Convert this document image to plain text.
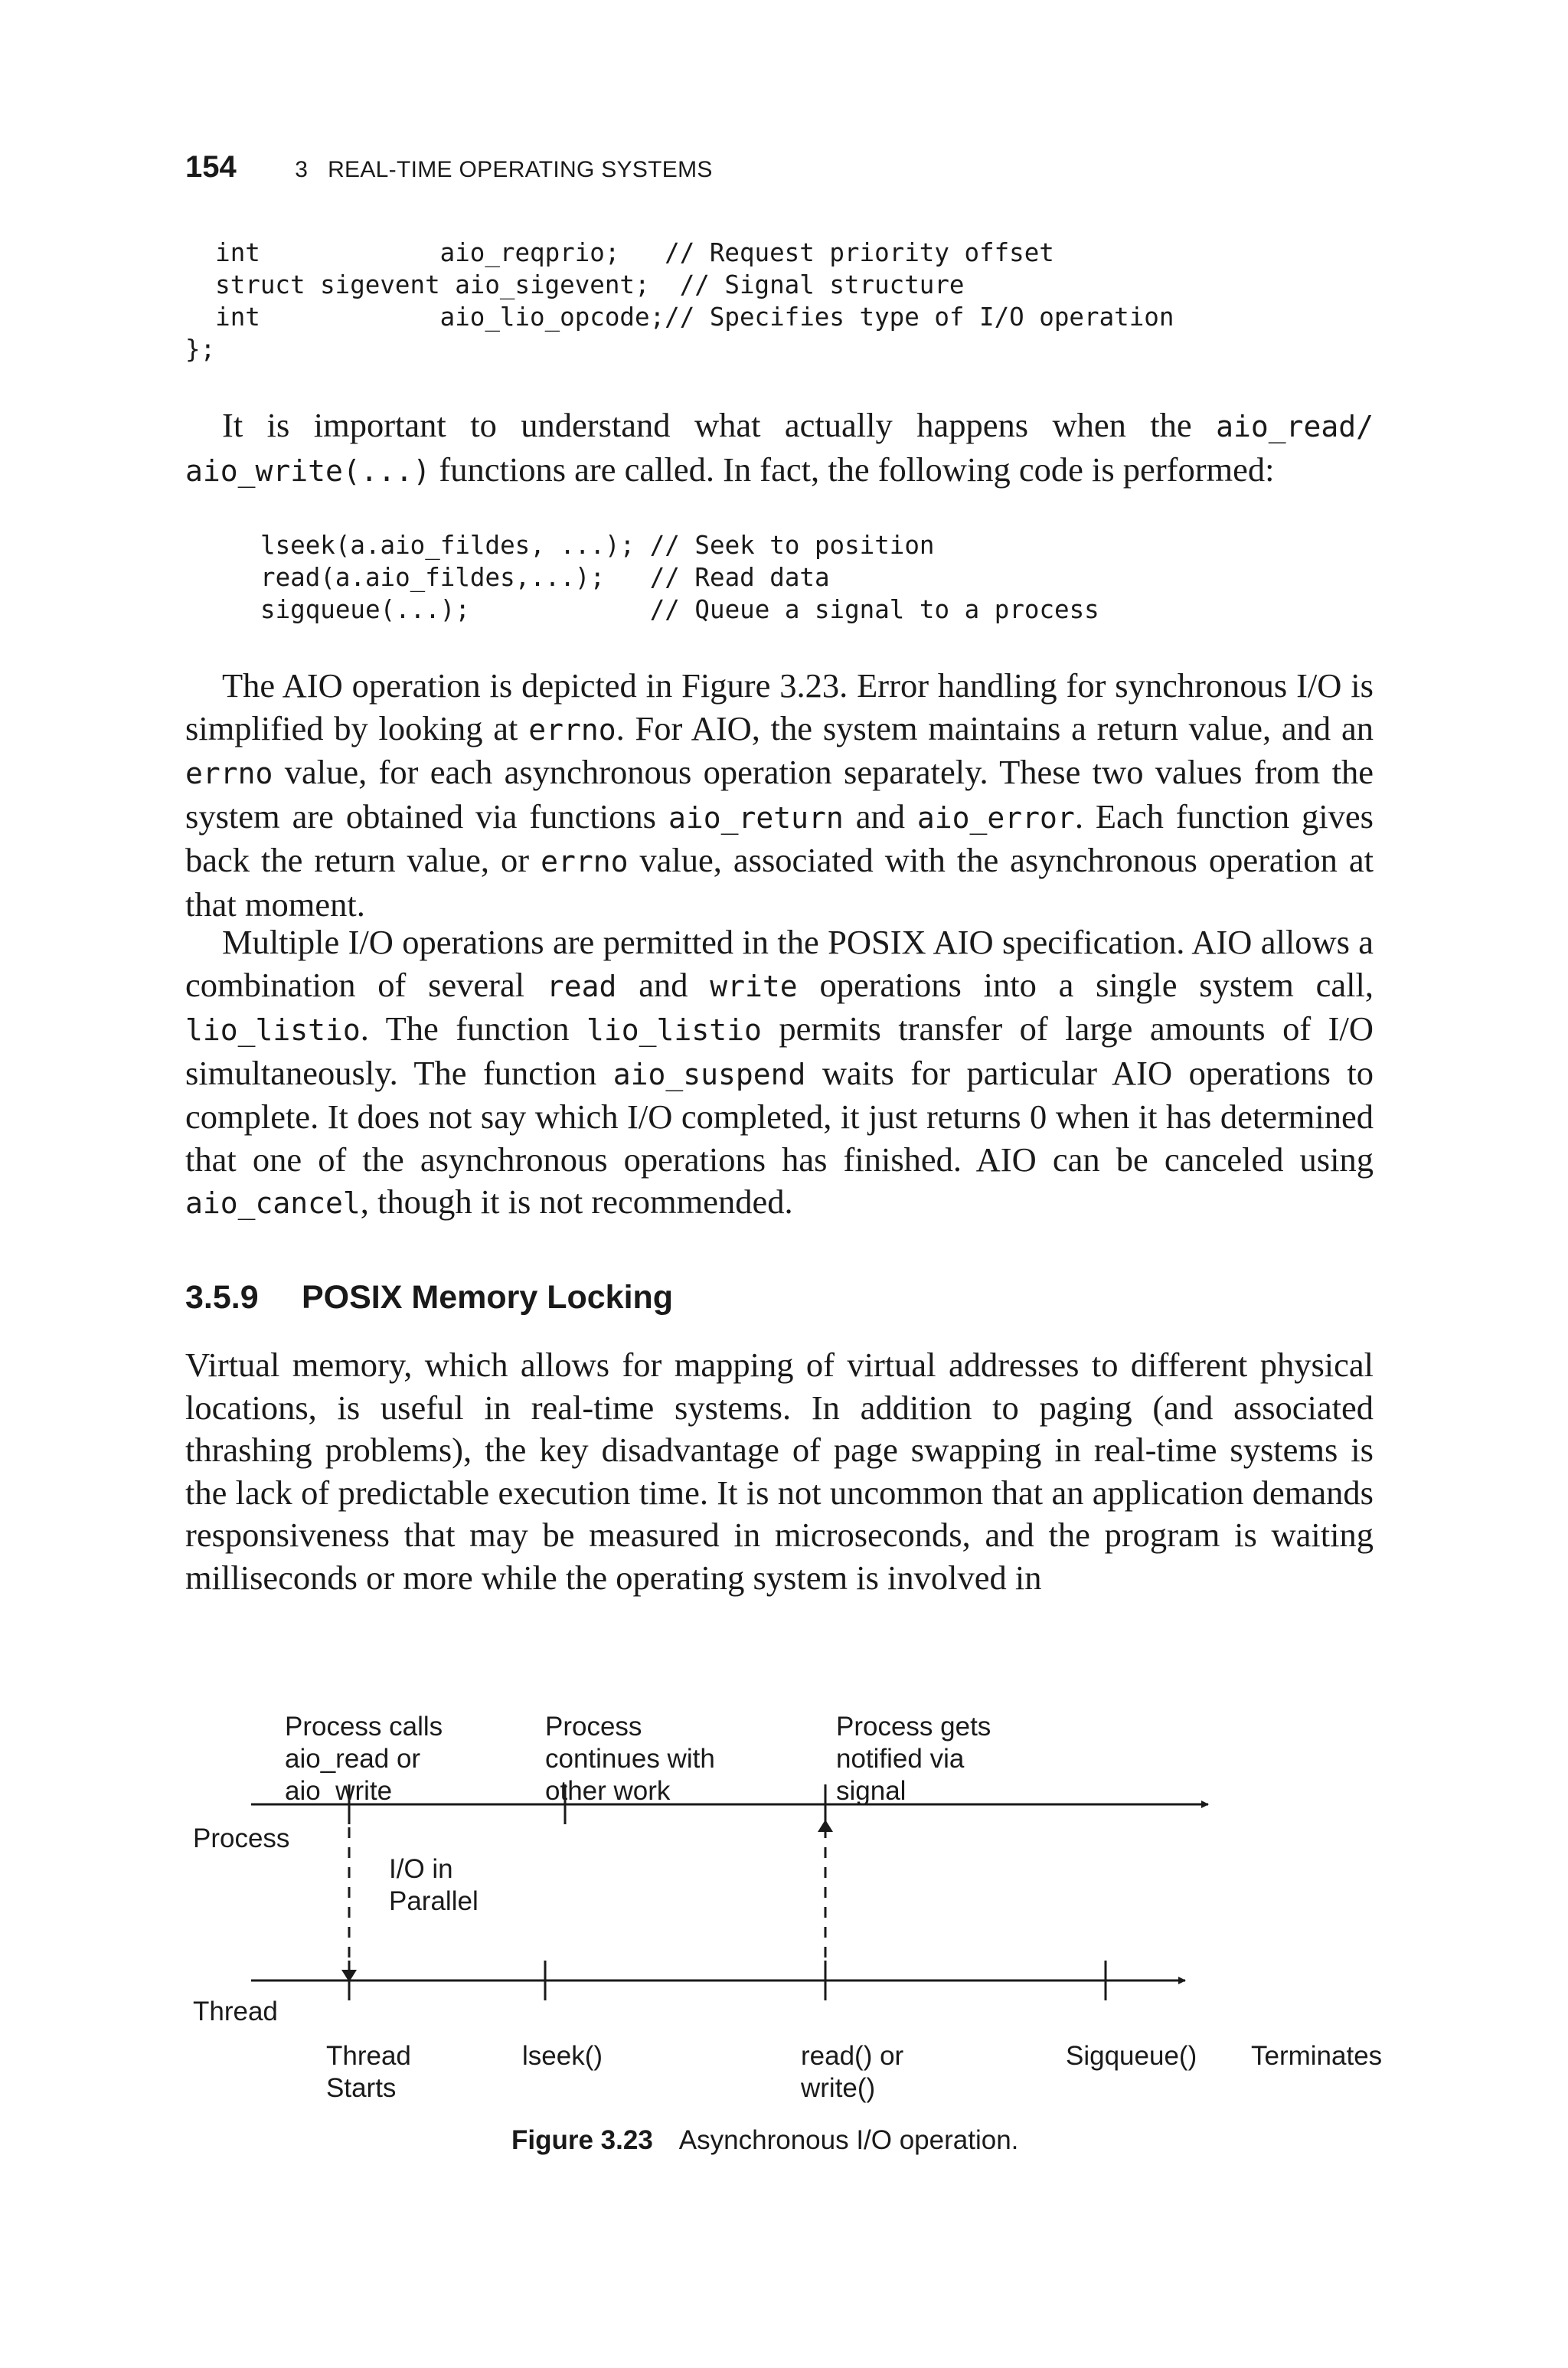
154	3   REAL-TIME OPERATING SYSTEMS
int            aio_reqprio;   // Request priority offset
struct sigevent aio_sigevent;  // Signal structure
int            aio_lio_opcode;// Specifies type of I/O operation
};

It is important to understand what actually happens when the aio_read/ aio_write(...) functions are called. In fact, the following code is performed:

lseek(a.aio_fildes, ...); // Seek to position
read(a.aio_fildes,...);   // Read data
sigqueue(...);            // Queue a signal to a process

The AIO operation is depicted in Figure 3.23. Error handling for synchronous I/O is simplified by looking at errno. For AIO, the system maintains a return value, and an errno value, for each asynchronous operation separately. These two values from the system are obtained via functions aio_return and aio_error. Each function gives back the return value, or errno value, associated with the asynchronous operation at that moment.

Multiple I/O operations are permitted in the POSIX AIO specification. AIO allows a combination of several read and write operations into a single system call, lio_listio. The function lio_listio permits transfer of large amounts of I/O simultaneously. The function aio_suspend waits for particular AIO operations to complete. It does not say which I/O completed, it just returns 0 when it has determined that one of the asynchronous operations has finished. AIO can be canceled using aio_cancel, though it is not recommended.

3.5.9 POSIX Memory Locking

Virtual memory, which allows for mapping of virtual addresses to different physical locations, is useful in real-time systems. In addition to paging (and associated thrashing problems), the key disadvantage of page swapping in real-time systems is the lack of predictable execution time. It is not uncommon that an application demands responsiveness that may be measured in microseconds, and the program is waiting milliseconds or more while the operating system is involved in

Process
Thread
Process calls aio_read or aio_write
Process continues with other work
Process gets notified via signal
I/O in Parallel
Thread Starts
lseek()	read() or write()
Sigqueue() Terminates

Figure 3.23 Asynchronous I/O operation.
